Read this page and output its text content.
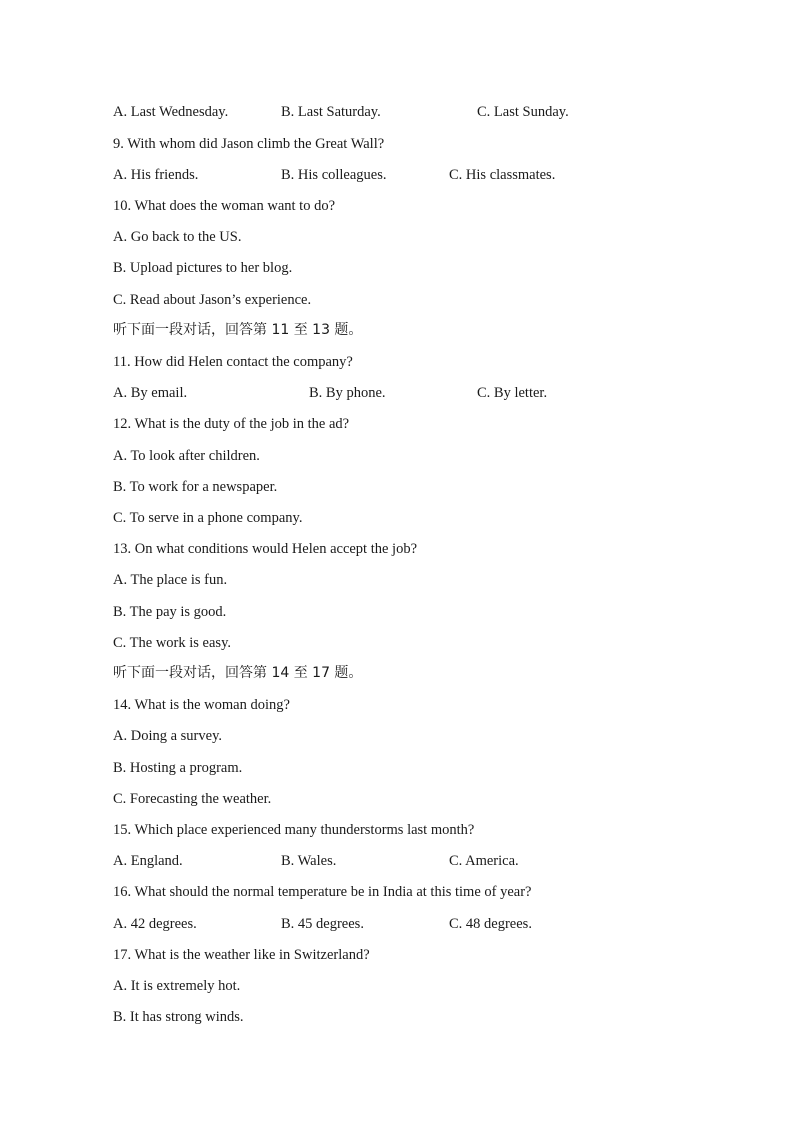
A. Last Wednesday.	B. Last Saturday.	C. Last Sunday.
9. With whom did Jason climb the Great Wall?
A. His friends.	B. His colleagues.	C. His classmates.
10. What does the woman want to do?
A. Go back to the US.
B. Upload pictures to her blog.
C. Read about Jason’s experience.
听下面一段对话，回答第 11 至 13 题。
11. How did Helen contact the company?
A. By email.	B. By phone.	C. By letter.
12. What is the duty of the job in the ad?
A. To look after children.
B. To work for a newspaper.
C. To serve in a phone company.
13. On what conditions would Helen accept the job?
A. The place is fun.
B. The pay is good.
C. The work is easy.
听下面一段对话，回答第 14 至 17 题。
14. What is the woman doing?
A. Doing a survey.
B. Hosting a program.
C. Forecasting the weather.
15. Which place experienced many thunderstorms last month?
A. England.	B. Wales.	C. America.
16. What should the normal temperature be in India at this time of year?
A. 42 degrees.	B. 45 degrees.	C. 48 degrees.
17. What is the weather like in Switzerland?
A. It is extremely hot.
B. It has strong winds.
